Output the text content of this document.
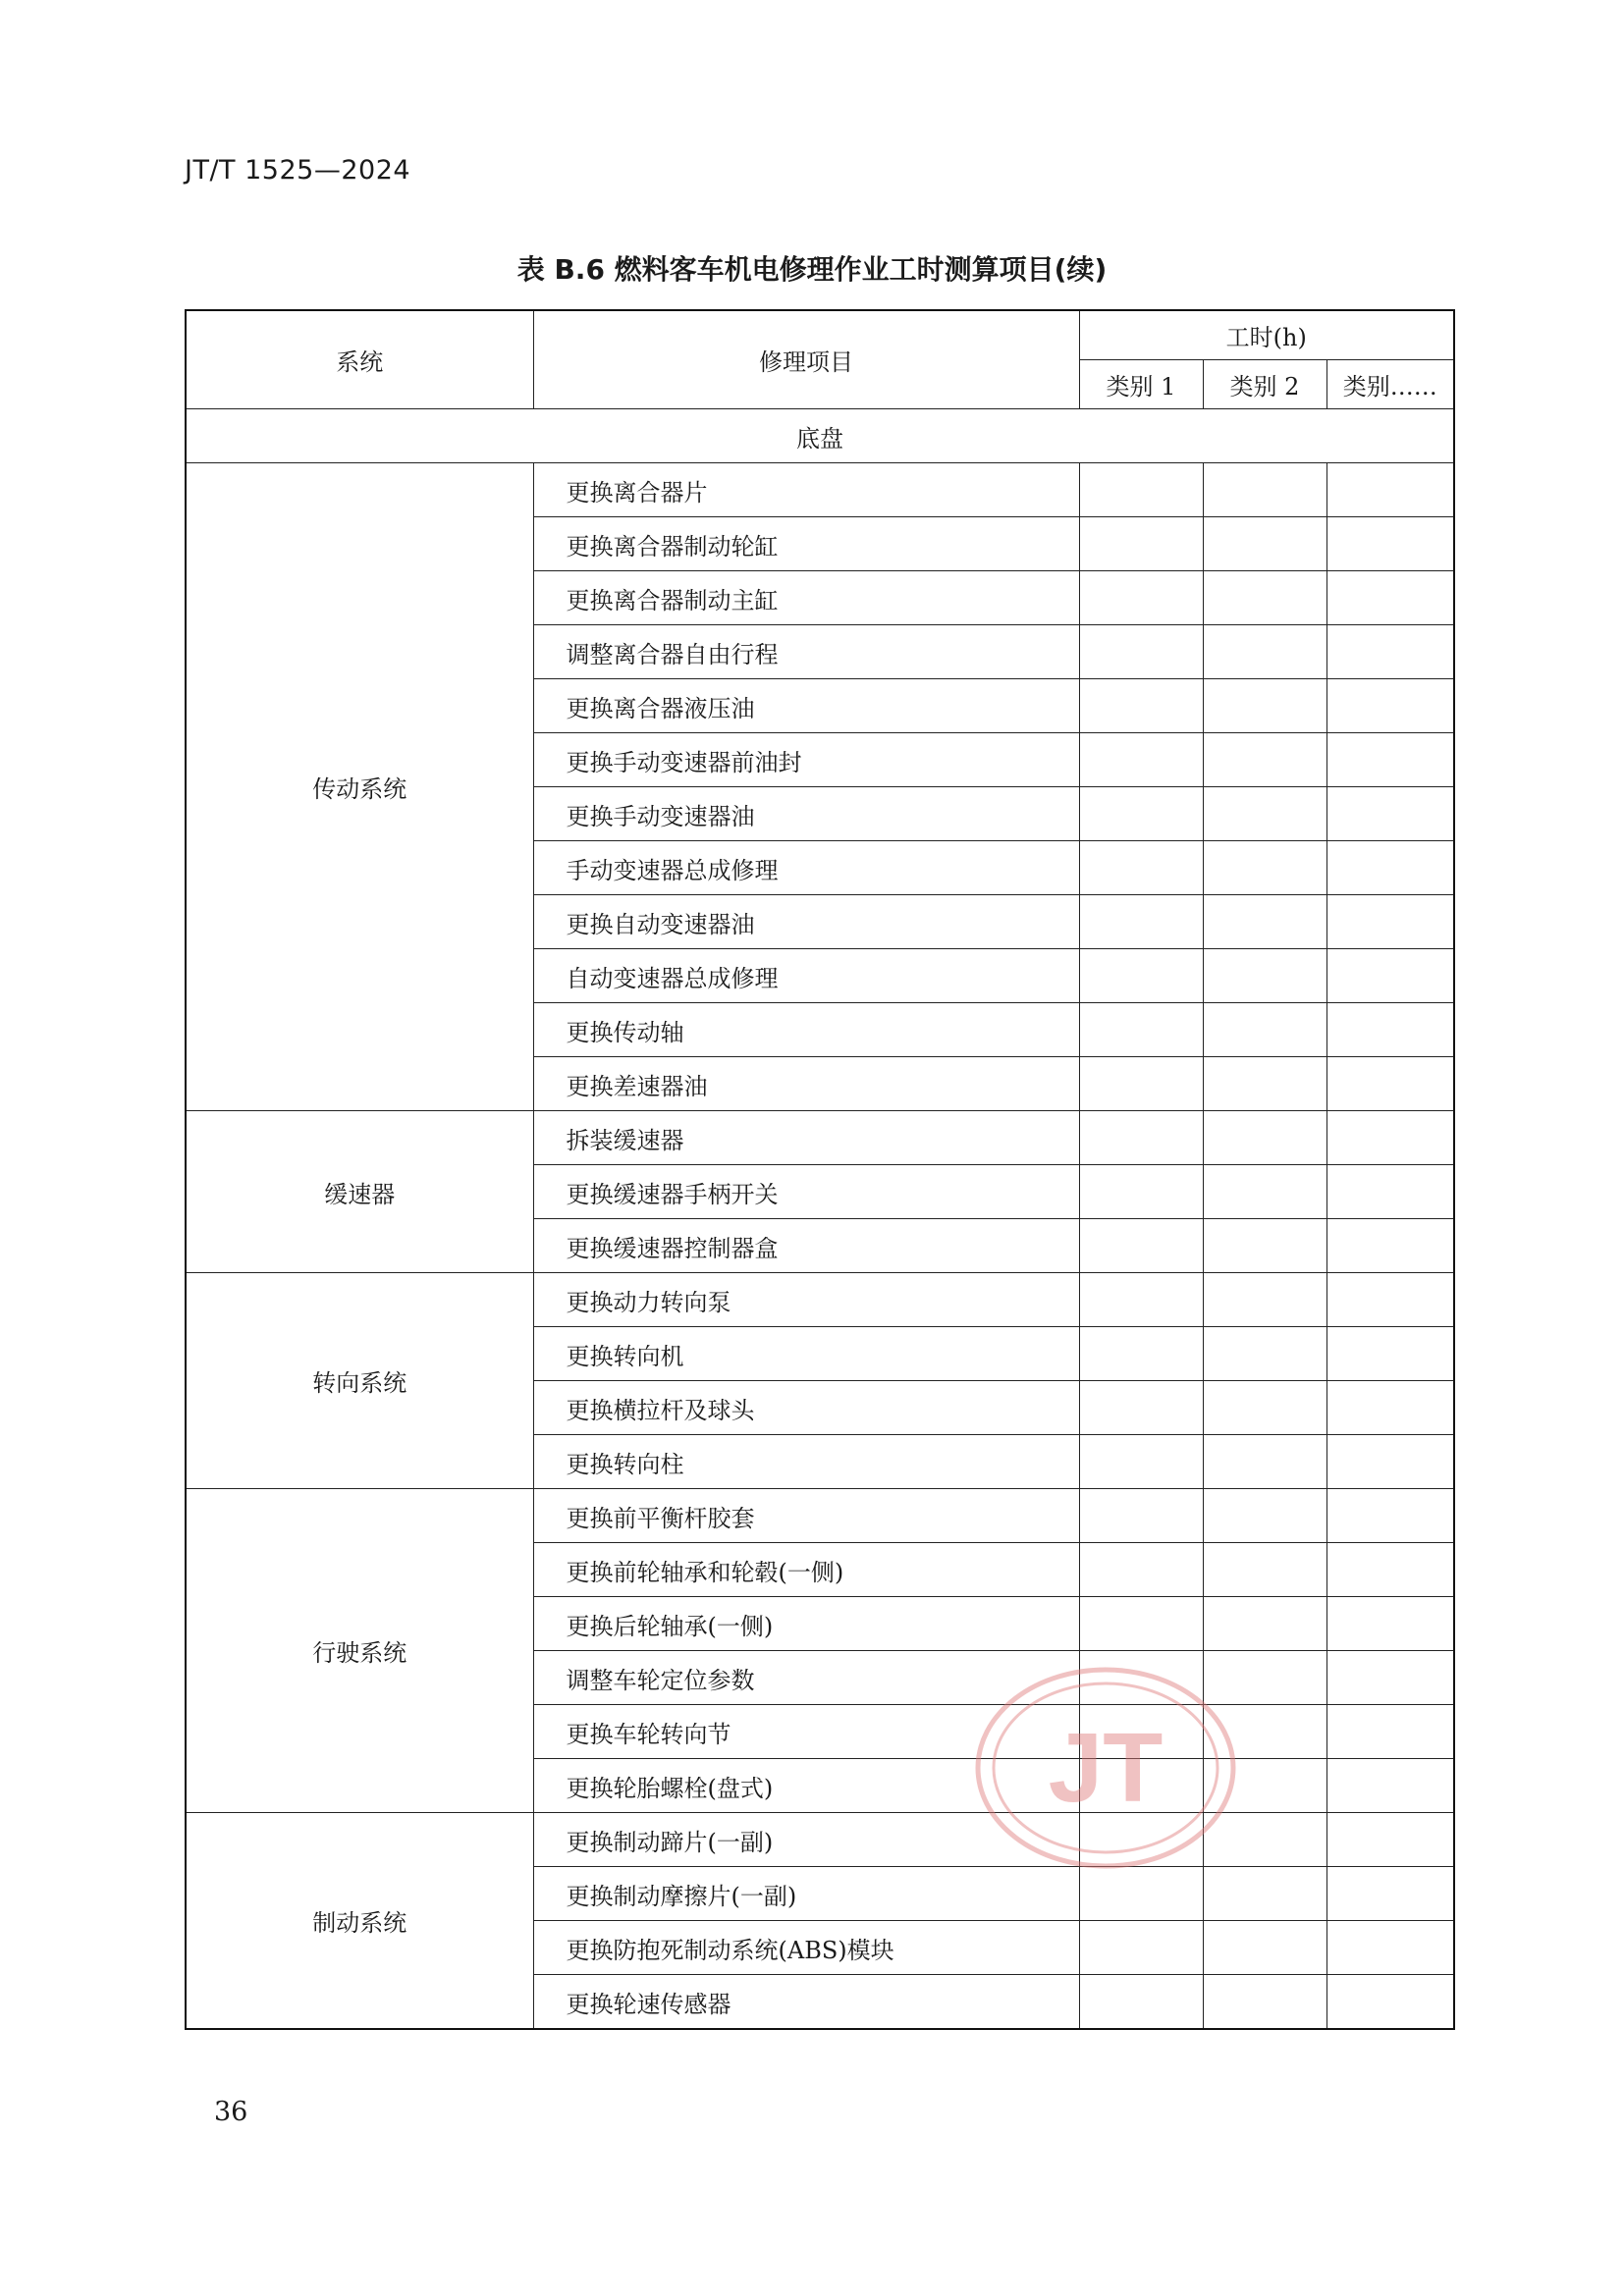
JT/T 1525—2024
表 B.6 燃料客车机电修理作业工时测算项目(续)
系统	修理项目	工时(h)		
		类别 1	类别 2	类别……
底盘				
传动系统	更换离合器片			
	更换离合器制动轮缸			
	更换离合器制动主缸			
	调整离合器自由行程			
	更换离合器液压油			
	更换手动变速器前油封			
	更换手动变速器油			
	手动变速器总成修理			
	更换自动变速器油			
	自动变速器总成修理			
	更换传动轴			
	更换差速器油			
缓速器	拆装缓速器			
	更换缓速器手柄开关			
	更换缓速器控制器盒			
转向系统	更换动力转向泵			
	更换转向机			
	更换横拉杆及球头			
	更换转向柱			
行驶系统	更换前平衡杆胶套			
	更换前轮轴承和轮毂(一侧)			
	更换后轮轴承(一侧)			
	调整车轮定位参数			
	更换车轮转向节			
	更换轮胎螺栓(盘式)			
制动系统	更换制动蹄片(一副)			
	更换制动摩擦片(一副)			
	更换防抱死制动系统(ABS)模块			
	更换轮速传感器			
JT
36
